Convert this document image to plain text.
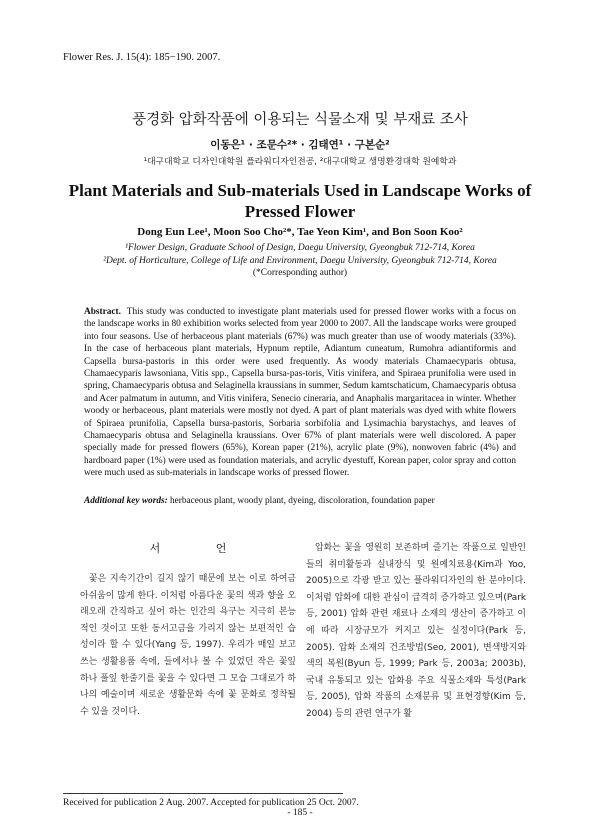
Flower Res. J. 15(4): 185−190. 2007.
풍경화 압화작품에 이용되는 식물소재 및 부재료 조사
이동은¹ · 조문수²* · 김태연¹ · 구본순²
¹대구대학교 디자인대학원 플라워디자인전공, ²대구대학교 생명환경대학 원예학과
Plant Materials and Sub-materials Used in Landscape Works of Pressed Flower
Dong Eun Lee¹, Moon Soo Cho²*, Tae Yeon Kim¹, and Bon Soon Koo²
¹Flower Design, Graduate School of Design, Daegu University, Gyeongbuk 712-714, Korea
²Dept. of Horticulture, College of Life and Environment, Daegu University, Gyeongbuk 712-714, Korea
(*Corresponding author)

Abstract. This study was conducted to investigate plant materials used for pressed flower works with a focus on the landscape works in 80 exhibition works selected from year 2000 to 2007. All the landscape works were grouped into four seasons. Use of herbaceous plant materials (67%) was much greater than use of woody materials (33%). In the case of herbaceous plant materials, Hypnum reptile, Adiantum cuneatum, Rumohra adiantiformis and Capsella bursa-pastoris in this order were used frequently. As woody materials Chamaecyparis obtusa, Chamaecyparis lawsoniana, Vitis spp., Capsella bursa-pas-toris, Vitis vinifera, and Spiraea prunifolia were used in spring, Chamaecyparis obtusa and Selaginella kraussians in summer, Sedum kamtschaticum, Chamaecyparis obtusa and Acer palmatum in autumn, and Vitis vinifera, Senecio cineraria, and Anaphalis margaritacea in winter. Whether woody or herbaceous, plant materials were mostly not dyed. A part of plant materials was dyed with white flowers of Spiraea prunifolia, Capsella bursa-pastoris, Sorbaria sorbifolia and Lysimachia barystachys, and leaves of Chamaecyparis obtusa and Selaginella kraussians. Over 67% of plant materials were well discolored. A paper specially made for pressed flowers (65%), Korean paper (21%), acrylic plate (9%), nonwoven fabric (4%) and hardboard paper (1%) were used as foundation materials, and acrylic dyestuff, Korean paper, color spray and cotton were much used as sub-materials in landscape works of pressed flower.

Additional key words: herbaceous plant, woody plant, dyeing, discoloration, foundation paper
서 언

꽃은 지속기간이 길지 않기 때문에 보는 이로 하여금 아쉬움이 많게 한다. 이처럼 아름다운 꽃의 색과 향을 오래오래 간직하고 싶어 하는 인간의 욕구는 지극히 본능적인 것이고 또한 동서고금을 가리지 않는 보편적인 습성이라 할 수 있다(Yang 등, 1997). 우리가 매일 보고 쓰는 생활용품 속에, 들에서나 볼 수 있었던 작은 꽃잎 하나 풀잎 한줄기를 꽃을 수 있다면 그 모습 그대로가 하나의 예술이며 새로운 생활문화 속에 꽃 문화로 정착될 수 있을 것이다.

압화는 꽃을 영원히 보존하며 즐기는 작품으로 일반인들의 취미활동과 실내장식 및 원예치료용(Kim과 Yoo, 2005)으로 각광 받고 있는 플라워디자인의 한 분야이다. 이처럼 압화에 대한 관심이 급격히 증가하고 있으며(Park 등, 2001) 압화 관련 재료나 소재의 생산이 증가하고 이에 따라 시장규모가 커지고 있는 실정이다(Park 등, 2005). 압화 소재의 건조방법(Seo, 2001), 변색방지와 색의 복원(Byun 등, 1999; Park 등, 2003a; 2003b), 국내 유통되고 있는 압화용 주요 식물소재와 특성(Park 등, 2005), 압화 작품의 소재분류 및 표현경향(Kim 등, 2004) 등의 관련 연구가 활

Received for publication 2 Aug. 2007. Accepted for publication 25 Oct. 2007.
- 185 -
